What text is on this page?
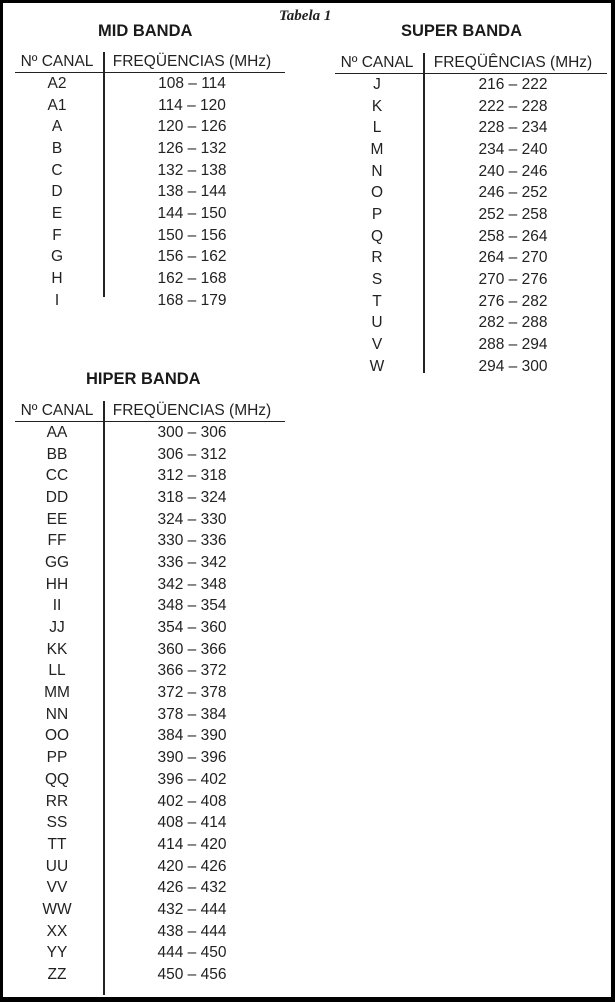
Tabela 1
MID BANDA
Nº CANAL	FREQÜENCIAS (MHz)
A2	108 – 114
A1	114 – 120
A	120 – 126
B	126 – 132
C	132 – 138
D	138 – 144
E	144 – 150
F	150 – 156
G	156 – 162
H	162 – 168
I	168 – 179
SUPER BANDA
Nº CANAL	FREQÜÊNCIAS (MHz)
J	216 – 222
K	222 – 228
L	228 – 234
M	234 – 240
N	240 – 246
O	246 – 252
P	252 – 258
Q	258 – 264
R	264 – 270
S	270 – 276
T	276 – 282
U	282 – 288
V	288 – 294
W	294 – 300
HIPER BANDA
Nº CANAL	FREQÜENCIAS (MHz)
AA	300 – 306
BB	306 – 312
CC	312 – 318
DD	318 – 324
EE	324 – 330
FF	330 – 336
GG	336 – 342
HH	342 – 348
II	348 – 354
JJ	354 – 360
KK	360 – 366
LL	366 – 372
MM	372 – 378
NN	378 – 384
OO	384 – 390
PP	390 – 396
QQ	396 – 402
RR	402 – 408
SS	408 – 414
TT	414 – 420
UU	420 – 426
VV	426 – 432
WW	432 – 444
XX	438 – 444
YY	444 – 450
ZZ	450 – 456
